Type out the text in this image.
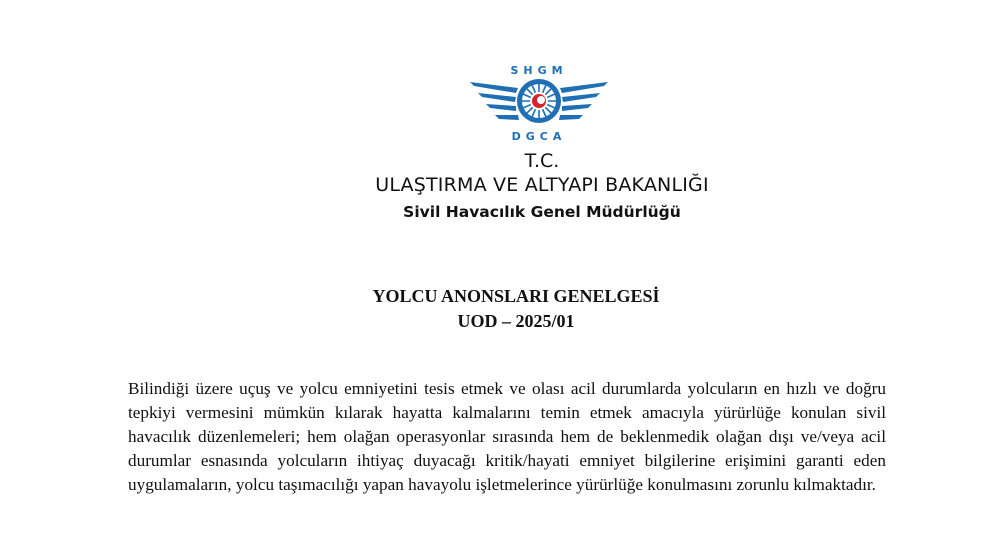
SHGM
DGCA
T.C.
ULAŞTIRMA VE ALTYAPI BAKANLIĞI
Sivil Havacılık Genel Müdürlüğü
YOLCU ANONSLARI GENELGESİ
UOD – 2025/01
Bilindiği üzere uçuş ve yolcu emniyetini tesis etmek ve olası acil durumlarda yolcuların en hızlı ve doğru tepkiyi vermesini mümkün kılarak hayatta kalmalarını temin etmek amacıyla yürürlüğe konulan sivil havacılık düzenlemeleri; hem olağan operasyonlar sırasında hem de beklenmedik olağan dışı ve/veya acil durumlar esnasında yolcuların ihtiyaç duyacağı kritik/hayati emniyet bilgilerine erişimini garanti eden uygulamaların, yolcu taşımacılığı yapan havayolu işletmelerince yürürlüğe konulmasını zorunlu kılmaktadır.
